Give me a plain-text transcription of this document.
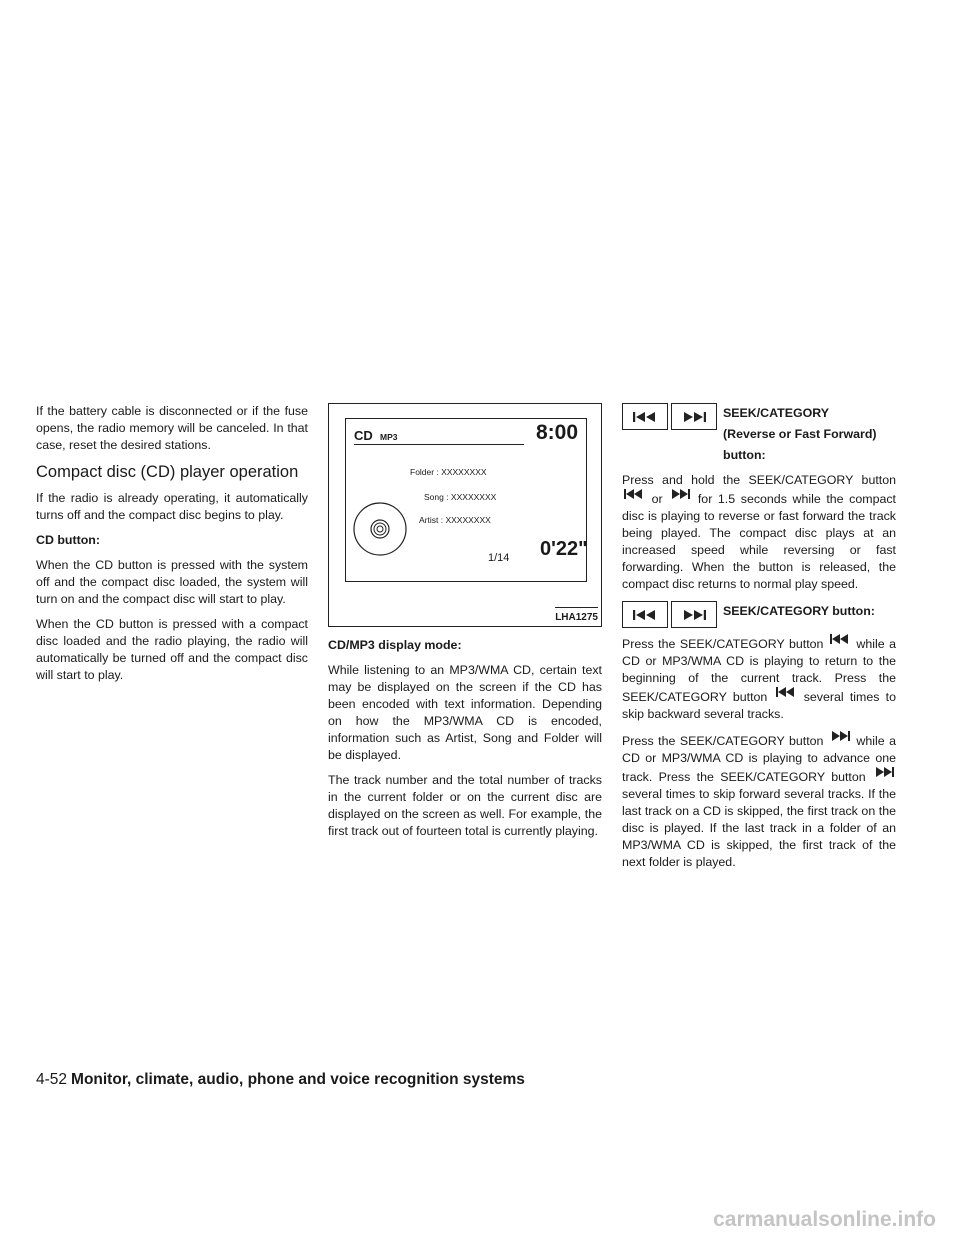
If the battery cable is disconnected or if the fuse opens, the radio memory will be canceled. In that case, reset the desired stations.

Compact disc (CD) player operation

If the radio is already operating, it automatically turns off and the compact disc begins to play.

CD button:

When the CD button is pressed with the system off and the compact disc loaded, the system will turn on and the compact disc will start to play.

When the CD button is pressed with a compact disc loaded and the radio playing, the radio will automatically be turned off and the compact disc will start to play.

CD MP3	8:00
Folder : XXXXXXXX
Song : XXXXXXXX
Artist : XXXXXXXX
1/14 0'22"
LHA1275

CD/MP3 display mode:

While listening to an MP3/WMA CD, certain text may be displayed on the screen if the CD has been encoded with text information. Depending on how the MP3/WMA CD is encoded, information such as Artist, Song and Folder will be displayed.

The track number and the total number of tracks in the current folder or on the current disc are displayed on the screen as well. For example, the first track out of fourteen total is currently playing.

SEEK/CATEGORY
(Reverse or Fast Forward)
button:

Press and hold the SEEK/CATEGORY button  or	for 1.5 seconds while the compact disc is playing to reverse or fast forward the track being played. The compact disc plays at an increased speed while reversing or fast forwarding. When the button is released, the compact disc returns to normal play speed.

SEEK/CATEGORY button:

Press the SEEK/CATEGORY button	while a CD or MP3/WMA CD is playing to return to the beginning of the current track. Press the SEEK/CATEGORY button	several times to skip backward several tracks.

Press the SEEK/CATEGORY button	while a CD or MP3/WMA CD is playing to advance one track. Press the SEEK/CATEGORY button  several times to skip forward several tracks. If the last track on a CD is skipped, the first track on the disc is played. If the last track in a folder of an MP3/WMA CD is skipped, the first track of the next folder is played.

4-52 Monitor, climate, audio, phone and voice recognition systems
carmanualsonline.info
